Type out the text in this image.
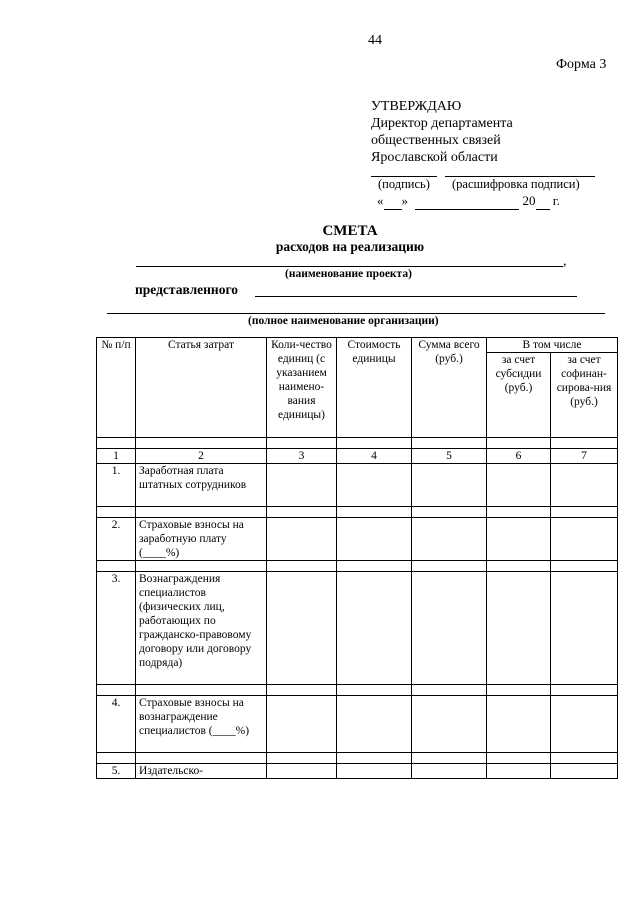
44
Форма 3
УТВЕРЖДАЮ
Директор департамента
общественных связей
Ярославской области
(подпись) (расшифровка подписи)
« »	20 г.
СМЕТА
расходов на реализацию
,
(наименование проекта)
представленного
(полное наименование организации)
№ п/п	Статья затрат	Коли-чество единиц (с указанием наимено-вания единицы)	Стоимость единицы	Сумма всего (руб.)	В том числе	
					за счет субсидии (руб.)	за счет софинан-сирова-ния (руб.)

1	2	3	4	5	6	7
1.	Заработная плата штатных сотрудников					

2.	Страховые взносы на заработную плату (____%)					

3.	Вознаграждения специалистов (физических лиц, работающих по гражданско-правовому договору или договору подряда)					

4.	Страховые взносы на вознаграждение специалистов (____%)					

5.	Издательско-					
